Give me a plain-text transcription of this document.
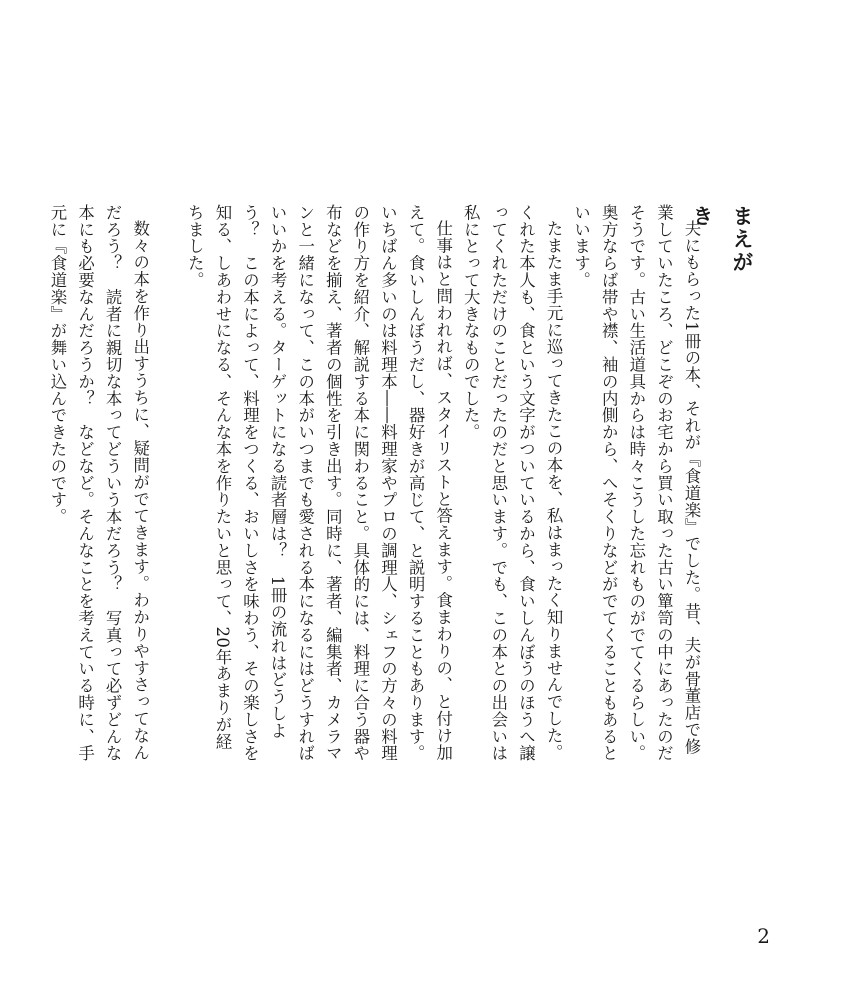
まえがき

夫にもらった1冊の本、それが『食道楽』でした。昔、夫が骨董店で修業していたころ、どこぞのお宅から買い取った古い簞笥の中にあったのだそうです。古い生活道具からは時々こうした忘れものがでてくるらしい。奥方ならば帯や襟、袖の内側から、へそくりなどがでてくることもあるといいます。

たまたま手元に巡ってきたこの本を、私はまったく知りませんでした。くれた本人も、食という文字がついているから、食いしんぼうのほうへ譲ってくれただけのことだったのだと思います。でも、この本との出会いは私にとって大きなものでした。

仕事はと問われれば、スタイリストと答えます。食まわりの、と付け加えて。食いしんぼうだし、器好きが高じて、と説明することもあります。いちばん多いのは料理本――料理家やプロの調理人、シェフの方々の料理の作り方を紹介、解説する本に関わること。具体的には、料理に合う器や布などを揃え、著者の個性を引き出す。同時に、著者、編集者、カメラマンと一緒になって、この本がいつまでも愛される本になるにはどうすればいいかを考える。ターゲットになる読者層は？　1冊の流れはどうしよう？　この本によって、料理をつくる、おいしさを味わう、その楽しさを知る、しあわせになる、そんな本を作りたいと思って、20年あまりが経ちました。

数々の本を作り出すうちに、疑問がでてきます。わかりやすさってなんだろう？　読者に親切な本ってどういう本だろう？　写真って必ずどんな本にも必要なんだろうか？　などなど。そんなことを考えている時に、手元に『食道楽』が舞い込んできたのです。

2
